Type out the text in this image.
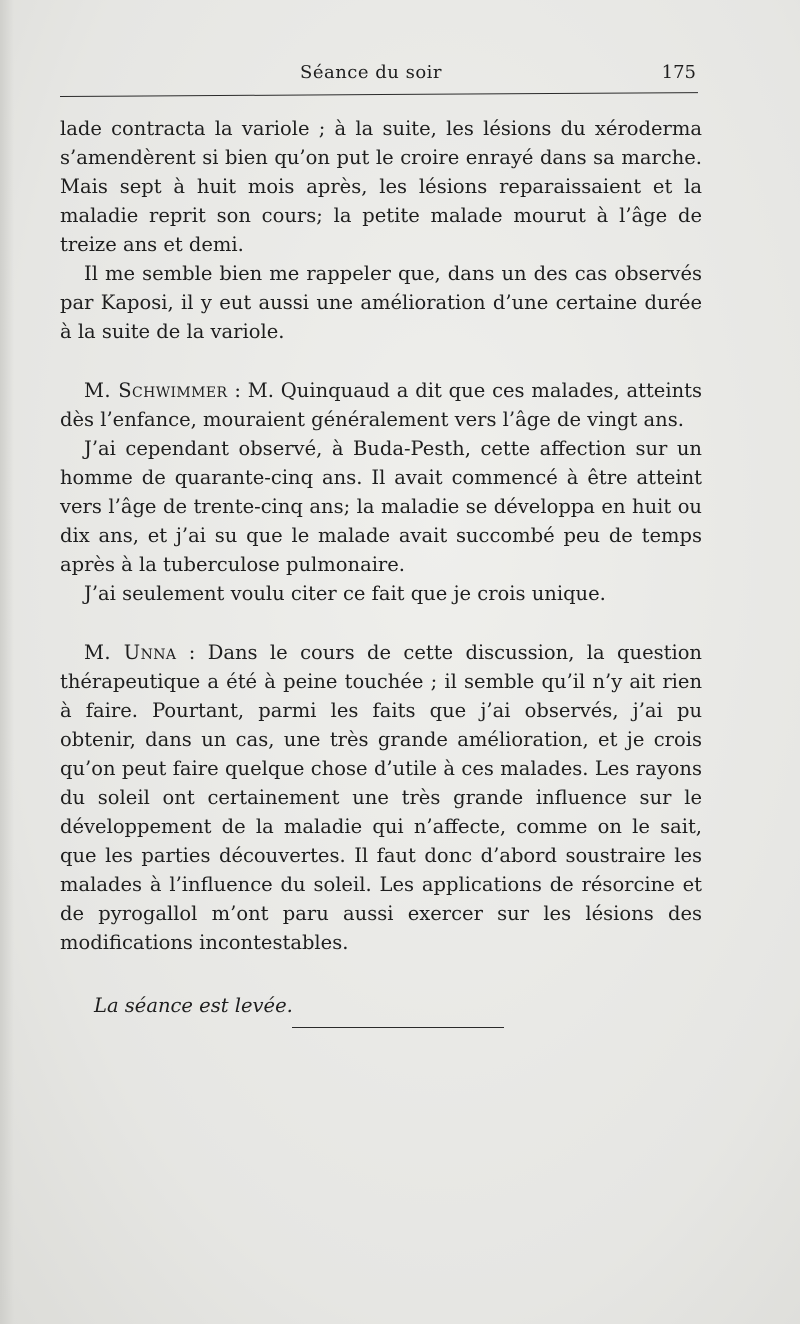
Séance du soir	175

lade contracta la variole ; à la suite, les lésions du xéroderma s’amendèrent si bien qu’on put le croire enrayé dans sa marche. Mais sept à huit mois après, les lésions reparaissaient et la maladie reprit son cours; la petite malade mourut à l’âge de treize ans et demi.

Il me semble bien me rappeler que, dans un des cas observés par Kaposi, il y eut aussi une amélioration d’une certaine durée à la suite de la variole.

M. Schwimmer : M. Quinquaud a dit que ces malades, atteints dès l’enfance, mouraient généralement vers l’âge de vingt ans.

J’ai cependant observé, à Buda-Pesth, cette affection sur un homme de quarante-cinq ans. Il avait commencé à être atteint vers l’âge de trente-cinq ans; la maladie se développa en huit ou dix ans, et j’ai su que le malade avait succombé peu de temps après à la tuberculose pulmonaire.

J’ai seulement voulu citer ce fait que je crois unique.

M. Unna : Dans le cours de cette discussion, la question thérapeutique a été à peine touchée ; il semble qu’il n’y ait rien à faire. Pourtant, parmi les faits que j’ai observés, j’ai pu obtenir, dans un cas, une très grande amélioration, et je crois qu’on peut faire quelque chose d’utile à ces malades. Les rayons du soleil ont certainement une très grande influence sur le développement de la maladie qui n’affecte, comme on le sait, que les parties découvertes. Il faut donc d’abord soustraire les malades à l’influence du soleil. Les applications de résorcine et de pyrogallol m’ont paru aussi exercer sur les lésions des modifications incontestables.

La séance est levée.
